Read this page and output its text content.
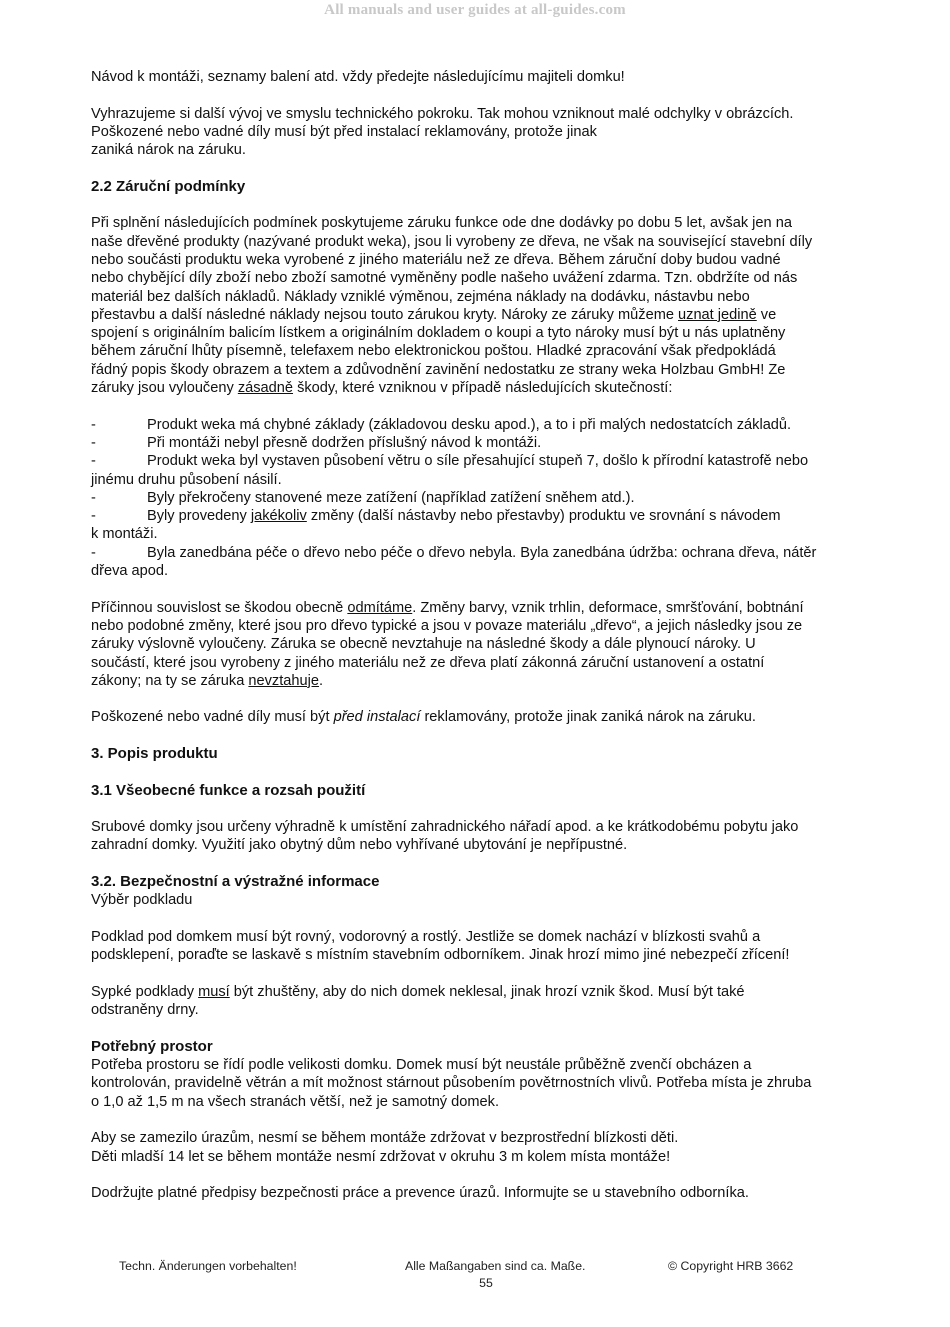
All manuals and user guides at all-guides.com

Návod k montáži, seznamy balení atd. vždy předejte následujícímu majiteli domku!

Vyhrazujeme si další vývoj ve smyslu technického pokroku. Tak mohou vzniknout malé odchylky v obrázcích.

Poškozené nebo vadné díly musí být před instalací reklamovány, protože jinak

zaniká nárok na záruku.

2.2 Záruční podmínky

Při splnění následujících podmínek poskytujeme záruku funkce ode dne dodávky po dobu 5 let, avšak jen na

naše dřevěné produkty (nazývané produkt weka), jsou li vyrobeny ze dřeva, ne však na související stavební díly

nebo součásti produktu weka vyrobené z jiného materiálu než ze dřeva. Během záruční doby budou vadné

nebo chybějící díly zboží nebo zboží samotné vyměněny podle našeho uvážení zdarma. Tzn. obdržíte od nás

materiál bez dalších nákladů. Náklady vzniklé výměnou, zejména náklady na dodávku, nástavbu nebo

přestavbu a další následné náklady nejsou touto zárukou kryty. Nároky ze záruky můžeme uznat jedině ve

spojení s originálním balicím lístkem a originálním dokladem o koupi a tyto nároky musí být u nás uplatněny

během záruční lhůty písemně, telefaxem nebo elektronickou poštou. Hladké zpracování však předpokládá

řádný popis škody obrazem a textem a zdůvodnění zavinění nedostatku ze strany weka Holzbau GmbH! Ze

záruky jsou vyloučeny zásadně škody, které vzniknou v případě následujících skutečností:

-	Produkt weka má chybné základy (základovou desku apod.), a to i při malých nedostatcích základů.

-	Při montáži nebyl přesně dodržen příslušný návod k montáži.

-	Produkt weka byl vystaven působení větru o síle přesahující stupeň 7, došlo k přírodní katastrofě nebo

jinému druhu působení násilí.

-	Byly překročeny stanovené meze zatížení (například zatížení sněhem atd.).

-	Byly provedeny jakékoliv změny (další nástavby nebo přestavby) produktu ve srovnání s návodem

k montáži.

-	Byla zanedbána péče o dřevo nebo péče o dřevo nebyla. Byla zanedbána údržba: ochrana dřeva, nátěr

dřeva apod.

Příčinnou souvislost se škodou obecně odmítáme. Změny barvy, vznik trhlin, deformace, smršťování, bobtnání

nebo podobné změny, které jsou pro dřevo typické a jsou v povaze materiálu „dřevo“, a jejich následky jsou ze

záruky výslovně vyloučeny. Záruka se obecně nevztahuje na následné škody a dále plynoucí nároky. U

součástí, které jsou vyrobeny z jiného materiálu než ze dřeva platí zákonná záruční ustanovení a ostatní

zákony; na ty se záruka nevztahuje.

Poškozené nebo vadné díly musí být před instalací reklamovány, protože jinak zaniká nárok na záruku.

3. Popis produktu

3.1 Všeobecné funkce a rozsah použití

Srubové domky jsou určeny výhradně k umístění zahradnického nářadí apod. a ke krátkodobému pobytu jako

zahradní domky. Využití jako obytný dům nebo vyhřívané ubytování je nepřípustné.

3.2. Bezpečnostní a výstražné informace

Výběr podkladu

Podklad pod domkem musí být rovný, vodorovný a rostlý. Jestliže se domek nachází v blízkosti svahů a

podsklepení, poraďte se laskavě s místním stavebním odborníkem. Jinak hrozí mimo jiné nebezpečí zřícení!

Sypké podklady musí být zhuštěny, aby do nich domek neklesal, jinak hrozí vznik škod. Musí být také

odstraněny drny.

Potřebný prostor

Potřeba prostoru se řídí podle velikosti domku. Domek musí být neustále průběžně zvenčí obcházen a

kontrolován, pravidelně větrán a mít možnost stárnout působením povětrnostních vlivů. Potřeba místa je zhruba

o 1,0 až 1,5 m na všech stranách větší, než je samotný domek.

Aby se zamezilo úrazům, nesmí se během montáže zdržovat v bezprostřední blízkosti děti.

Děti mladší 14 let se během montáže nesmí zdržovat v okruhu 3 m kolem místa montáže!

Dodržujte platné předpisy bezpečnosti práce a prevence úrazů. Informujte se u stavebního odborníka.

Techn. Änderungen vorbehalten!	Alle Maßangaben sind ca. Maße.	© Copyright HRB 3662
55
